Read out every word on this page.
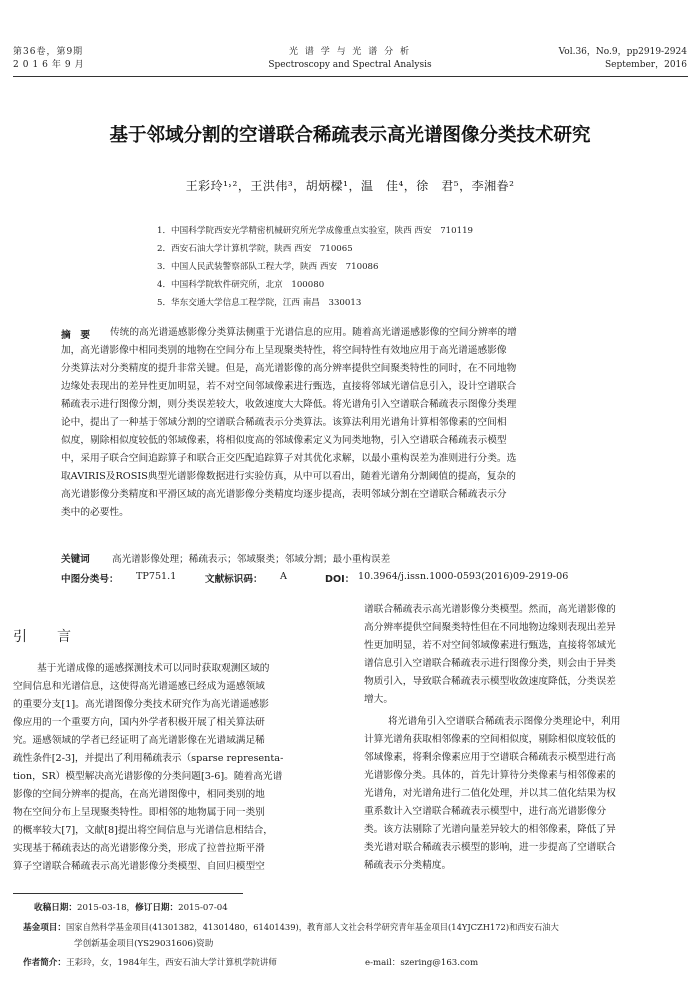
第36卷，第9期
2016年9月
光 谱 学 与 光 谱 分 析
Spectroscopy and Spectral Analysis
Vol.36，No.9，pp2919-2924
September，2016
基于邻域分割的空谱联合稀疏表示高光谱图像分类技术研究
王彩玲¹˒²，王洪伟³，胡炳樑¹，温　佳⁴，徐　君⁵，李湘眷²
1．中国科学院西安光学精密机械研究所光学成像重点实验室，陕西 西安　710119
2．西安石油大学计算机学院，陕西 西安　710065
3．中国人民武装警察部队工程大学，陕西 西安　710086
4．中国科学院软件研究所，北京　100080
5．华东交通大学信息工程学院，江西 南昌　330013
摘　要 传统的高光谱遥感影像分类算法侧重于光谱信息的应用。随着高光谱遥感影像的空间分辨率的增
加，高光谱影像中相同类别的地物在空间分布上呈现聚类特性，将空间特性有效地应用于高光谱遥感影像
分类算法对分类精度的提升非常关键。但是，高光谱影像的高分辨率提供空间聚类特性的同时，在不同地物
边缘处表现出的差异性更加明显，若不对空间邻域像素进行甄选，直接将邻域光谱信息引入，设计空谱联合
稀疏表示进行图像分割，则分类误差较大，收敛速度大大降低。将光谱角引入空谱联合稀疏表示图像分类理
论中，提出了一种基于邻域分割的空谱联合稀疏表示分类算法。该算法利用光谱角计算相邻像素的空间相
似度，剔除相似度较低的邻域像素，将相似度高的邻域像素定义为同类地物，引入空谱联合稀疏表示模型
中，采用子联合空间追踪算子和联合正交匹配追踪算子对其优化求解，以最小重构误差为准则进行分类。选
取AVIRIS及ROSIS典型光谱影像数据进行实验仿真，从中可以看出，随着光谱角分割阈值的提高，复杂的
高光谱影像分类精度和平滑区域的高光谱影像分类精度均逐步提高，表明邻域分割在空谱联合稀疏表示分
类中的必要性。
关键词 高光谱影像处理；稀疏表示；邻域聚类；邻域分割；最小重构误差
中图分类号： TP751.1	文献标识码： A	DOI： 10.3964/j.issn.1000-0593(2016)09-2919-06
引　言
基于光谱成像的遥感探测技术可以同时获取观测区域的
空间信息和光谱信息，这使得高光谱遥感已经成为遥感领域
的重要分支[1]。高光谱图像分类技术研究作为高光谱遥感影
像应用的一个重要方向，国内外学者积极开展了相关算法研
究。遥感领域的学者已经证明了高光谱影像在光谱域满足稀
疏性条件[2-3]，并提出了利用稀疏表示（sparse representa-
tion，SR）模型解决高光谱影像的分类问题[3-6]。随着高光谱
影像的空间分辨率的提高，在高光谱图像中，相同类别的地
物在空间分布上呈现聚类特性。即相邻的地物属于同一类别
的概率较大[7]，文献[8]提出将空间信息与光谱信息相结合，
实现基于稀疏表达的高光谱影像分类，形成了拉普拉斯平滑
算子空谱联合稀疏表示高光谱影像分类模型、自回归模型空
谱联合稀疏表示高光谱影像分类模型。然而，高光谱影像的
高分辨率提供空间聚类特性但在不同地物边缘则表现出差异
性更加明显，若不对空间邻域像素进行甄选，直接将邻域光
谱信息引入空谱联合稀疏表示进行图像分类，则会由于异类
物质引入，导致联合稀疏表示模型收敛速度降低，分类误差
增大。
将光谱角引入空谱联合稀疏表示图像分类理论中，利用
计算光谱角获取相邻像素的空间相似度，剔除相似度较低的
邻域像素，将剩余像素应用于空谱联合稀疏表示模型进行高
光谱影像分类。具体的，首先计算待分类像素与相邻像素的
光谱角，对光谱角进行二值化处理，并以其二值化结果为权
重系数计入空谱联合稀疏表示模型中，进行高光谱影像分
类。该方法剔除了光谱向量差异较大的相邻像素，降低了异
类光谱对联合稀疏表示模型的影响，进一步提高了空谱联合
稀疏表示分类精度。
收稿日期：2015-03-18，修订日期：2015-07-04
基金项目：国家自然科学基金项目(41301382，41301480，61401439)，教育部人文社会科学研究青年基金项目(14YJCZH172)和西安石油大
学创新基金项目(YS29031606)资助
作者简介：王彩玲，女，1984年生，西安石油大学计算机学院讲师	e-mail：szering@163.com
